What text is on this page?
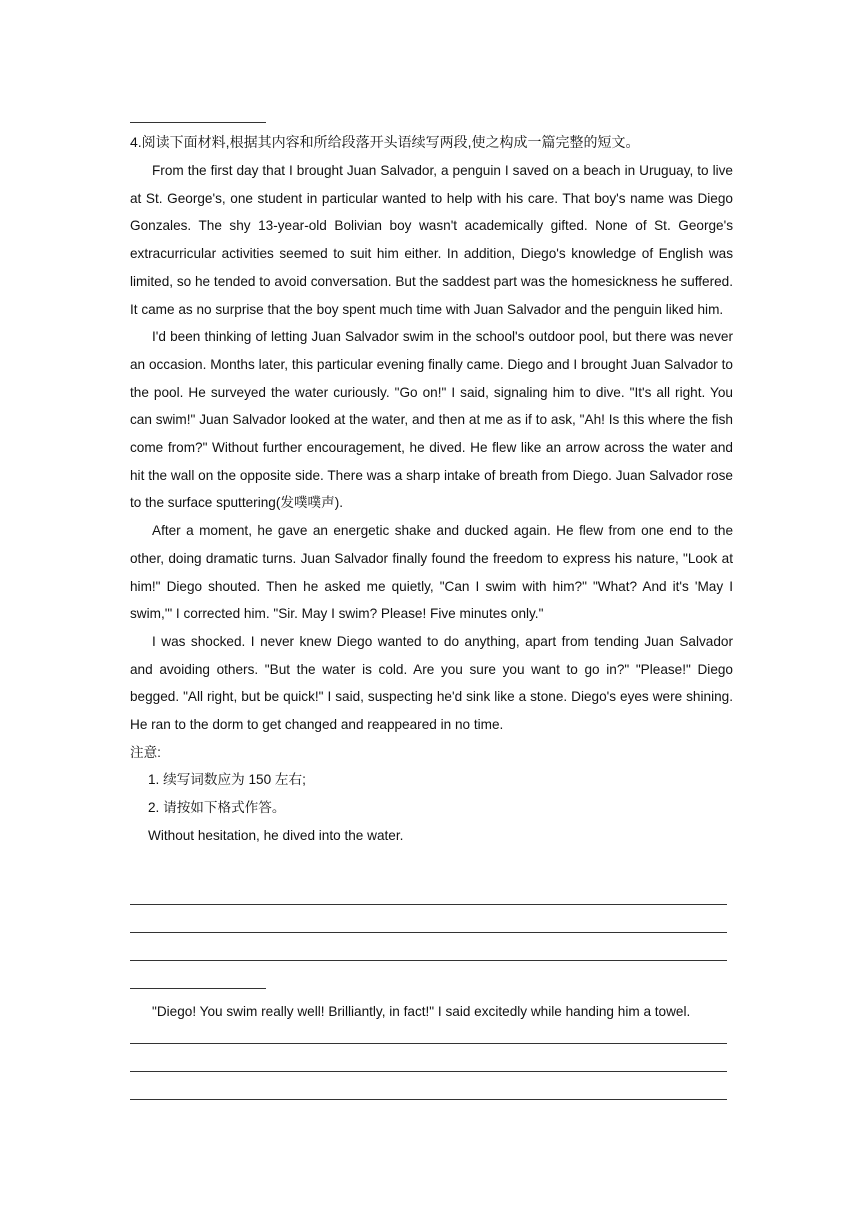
4.阅读下面材料,根据其内容和所给段落开头语续写两段,使之构成一篇完整的短文。

From the first day that I brought Juan Salvador, a penguin I saved on a beach in Uruguay, to live at St. George's, one student in particular wanted to help with his care. That boy's name was Diego Gonzales. The shy 13-year-old Bolivian boy wasn't academically gifted. None of St. George's extracurricular activities seemed to suit him either. In addition, Diego's knowledge of English was limited, so he tended to avoid conversation. But the saddest part was the homesickness he suffered. It came as no surprise that the boy spent much time with Juan Salvador and the penguin liked him.

I'd been thinking of letting Juan Salvador swim in the school's outdoor pool, but there was never an occasion. Months later, this particular evening finally came. Diego and I brought Juan Salvador to the pool. He surveyed the water curiously. "Go on!" I said, signaling him to dive. "It's all right. You can swim!" Juan Salvador looked at the water, and then at me as if to ask, "Ah! Is this where the fish come from?" Without further encouragement, he dived. He flew like an arrow across the water and hit the wall on the opposite side. There was a sharp intake of breath from Diego. Juan Salvador rose to the surface sputtering(发噗噗声).

After a moment, he gave an energetic shake and ducked again. He flew from one end to the other, doing dramatic turns. Juan Salvador finally found the freedom to express his nature, "Look at him!" Diego shouted. Then he asked me quietly, "Can I swim with him?" "What? And it's 'May I swim,'" I corrected him. "Sir. May I swim? Please! Five minutes only."

I was shocked. I never knew Diego wanted to do anything, apart from tending Juan Salvador and avoiding others. "But the water is cold. Are you sure you want to go in?" "Please!" Diego begged. "All right, but be quick!" I said, suspecting he'd sink like a stone. Diego's eyes were shining. He ran to the dorm to get changed and reappeared in no time.

注意:

1. 续写词数应为 150 左右;

2. 请按如下格式作答。

Without hesitation, he dived into the water.

"Diego! You swim really well! Brilliantly, in fact!" I said excitedly while handing him a towel.
